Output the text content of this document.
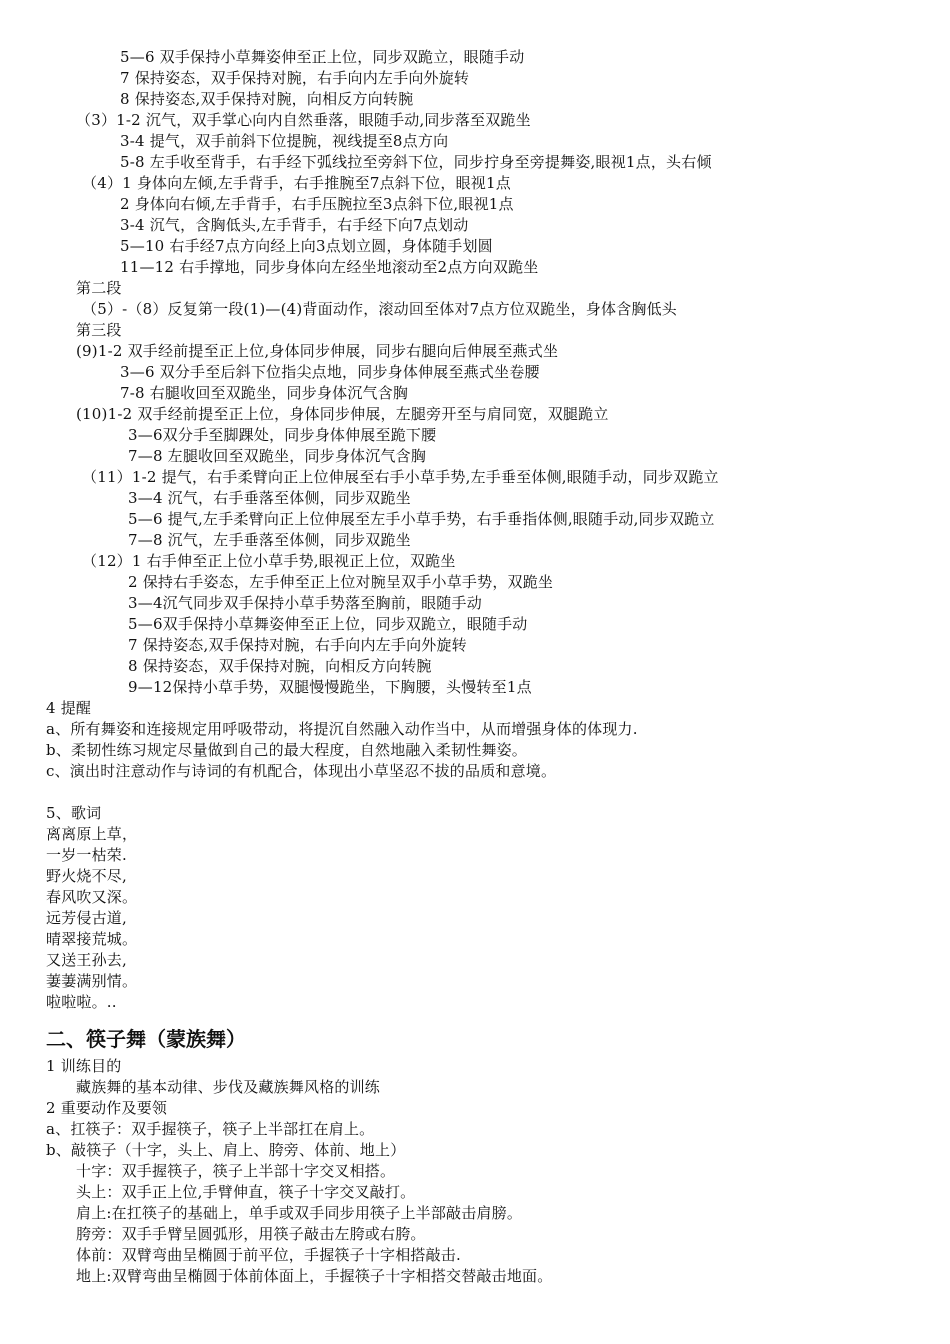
5—6 双手保持小草舞姿伸至正上位，同步双跪立，眼随手动
7 保持姿态，双手保持对腕，右手向内左手向外旋转
8 保持姿态,双手保持对腕，向相反方向转腕
（3）1-2 沉气，双手掌心向内自然垂落，眼随手动,同步落至双跪坐
3-4 提气，双手前斜下位提腕，视线提至8点方向
5-8 左手收至背手，右手经下弧线拉至旁斜下位，同步拧身至旁提舞姿,眼视1点，头右倾
（4）1 身体向左倾,左手背手，右手推腕至7点斜下位，眼视1点
2 身体向右倾,左手背手，右手压腕拉至3点斜下位,眼视1点
3-4 沉气，含胸低头,左手背手，右手经下向7点划动
5—10 右手经7点方向经上向3点划立圆，身体随手划圆
11—12 右手撑地，同步身体向左经坐地滚动至2点方向双跪坐
第二段
（5）-（8）反复第一段(1)—(4)背面动作，滚动回至体对7点方位双跪坐，身体含胸低头
第三段
(9)1-2 双手经前提至正上位,身体同步伸展，同步右腿向后伸展至燕式坐
3—6 双分手至后斜下位指尖点地，同步身体伸展至燕式坐卷腰
7-8 右腿收回至双跪坐，同步身体沉气含胸
(10)1-2 双手经前提至正上位，身体同步伸展，左腿旁开至与肩同宽，双腿跪立
3—6双分手至脚踝处，同步身体伸展至跪下腰
7—8 左腿收回至双跪坐，同步身体沉气含胸
（11）1-2 提气，右手柔臂向正上位伸展至右手小草手势,左手垂至体侧,眼随手动，同步双跪立
3—4 沉气，右手垂落至体侧，同步双跪坐
5—6 提气,左手柔臂向正上位伸展至左手小草手势，右手垂指体侧,眼随手动,同步双跪立
7—8 沉气，左手垂落至体侧，同步双跪坐
（12）1 右手伸至正上位小草手势,眼视正上位，双跪坐
2 保持右手姿态，左手伸至正上位对腕呈双手小草手势，双跪坐
3—4沉气同步双手保持小草手势落至胸前，眼随手动
5—6双手保持小草舞姿伸至正上位，同步双跪立，眼随手动
7 保持姿态,双手保持对腕，右手向内左手向外旋转
8 保持姿态，双手保持对腕，向相反方向转腕
9—12保持小草手势，双腿慢慢跪坐，下胸腰，头慢转至1点
4 提醒
a、所有舞姿和连接规定用呼吸带动，将提沉自然融入动作当中，从而增强身体的体现力.
b、柔韧性练习规定尽量做到自己的最大程度，自然地融入柔韧性舞姿。
c、演出时注意动作与诗词的有机配合，体现出小草坚忍不拔的品质和意境。
5、歌词
离离原上草，
一岁一枯荣.
野火烧不尽,
春风吹又深。
远芳侵古道,
晴翠接荒城。
又送王孙去,
萋萋满别情。
啦啦啦。..
二、筷子舞（蒙族舞）
1 训练目的
藏族舞的基本动律、步伐及藏族舞风格的训练
2 重要动作及要领
a、扛筷子：双手握筷子，筷子上半部扛在肩上。
b、敲筷子（十字，头上、肩上、胯旁、体前、地上）
十字：双手握筷子，筷子上半部十字交叉相搭。
头上：双手正上位,手臂伸直，筷子十字交叉敲打。
肩上:在扛筷子的基础上，单手或双手同步用筷子上半部敲击肩膀。
胯旁：双手手臂呈圆弧形，用筷子敲击左胯或右胯。
体前：双臂弯曲呈椭圆于前平位，手握筷子十字相搭敲击.
地上:双臂弯曲呈椭圆于体前体面上，手握筷子十字相搭交替敲击地面。
